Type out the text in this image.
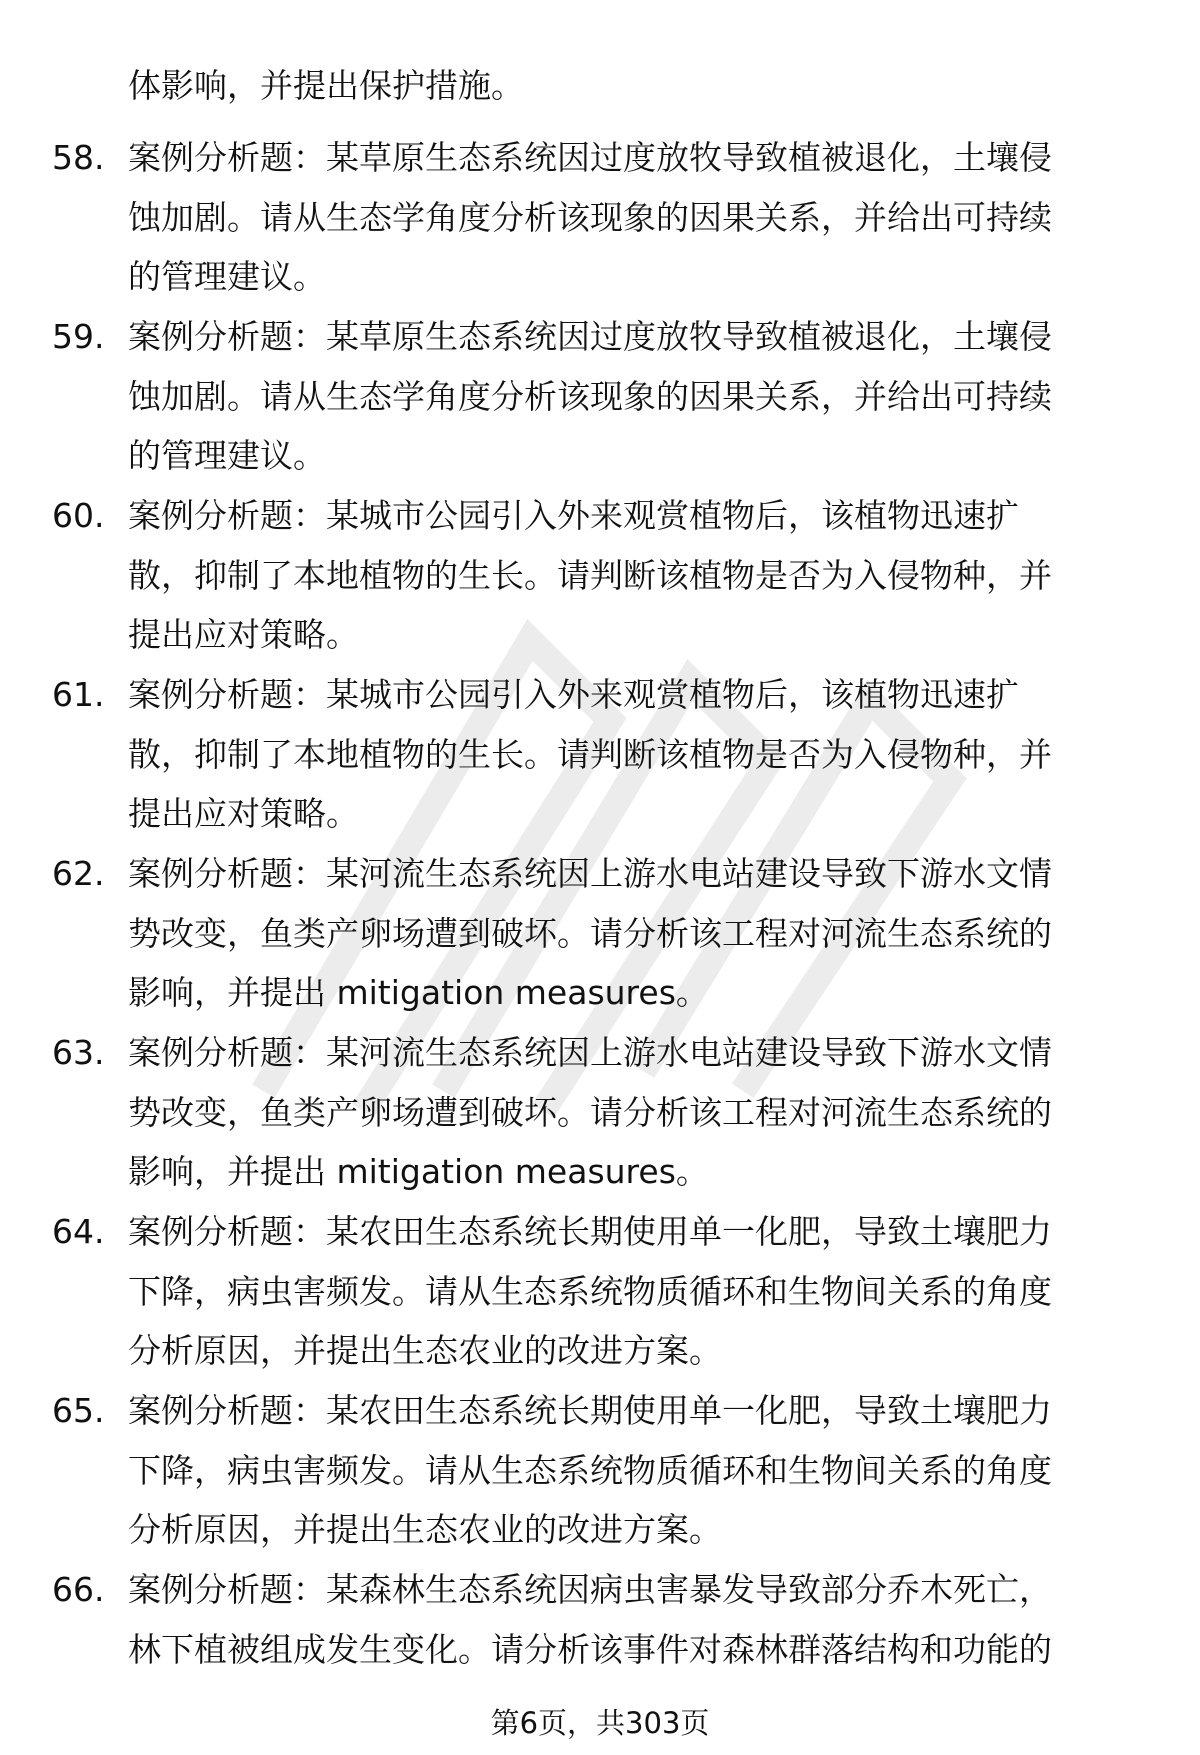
体影响，并提出保护措施。
58. 案例分析题：某草原生态系统因过度放牧导致植被退化，土壤侵
蚀加剧。请从生态学角度分析该现象的因果关系，并给出可持续
的管理建议。
59. 案例分析题：某草原生态系统因过度放牧导致植被退化，土壤侵
蚀加剧。请从生态学角度分析该现象的因果关系，并给出可持续
的管理建议。
60. 案例分析题：某城市公园引入外来观赏植物后，该植物迅速扩
散，抑制了本地植物的生长。请判断该植物是否为入侵物种，并
提出应对策略。
61. 案例分析题：某城市公园引入外来观赏植物后，该植物迅速扩
散，抑制了本地植物的生长。请判断该植物是否为入侵物种，并
提出应对策略。
62. 案例分析题：某河流生态系统因上游水电站建设导致下游水文情
势改变，鱼类产卵场遭到破坏。请分析该工程对河流生态系统的
影响，并提出 mitigation measures。
63. 案例分析题：某河流生态系统因上游水电站建设导致下游水文情
势改变，鱼类产卵场遭到破坏。请分析该工程对河流生态系统的
影响，并提出 mitigation measures。
64. 案例分析题：某农田生态系统长期使用单一化肥，导致土壤肥力
下降，病虫害频发。请从生态系统物质循环和生物间关系的角度
分析原因，并提出生态农业的改进方案。
65. 案例分析题：某农田生态系统长期使用单一化肥，导致土壤肥力
下降，病虫害频发。请从生态系统物质循环和生物间关系的角度
分析原因，并提出生态农业的改进方案。
66. 案例分析题：某森林生态系统因病虫害暴发导致部分乔木死亡，
林下植被组成发生变化。请分析该事件对森林群落结构和功能的
第6页，共303页
